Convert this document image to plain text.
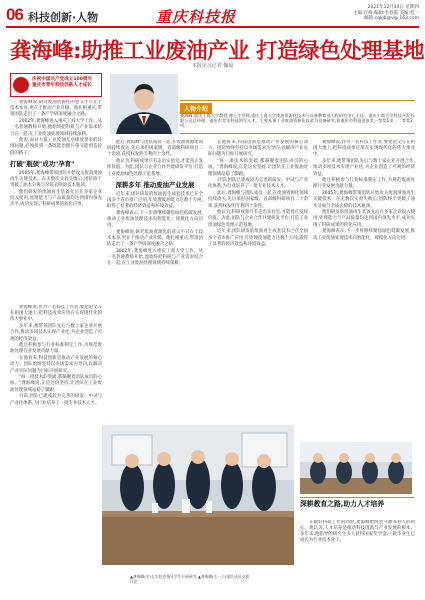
06 科技创新·人物	重庆科技报
2021年12月14日 星期四
主编:汪崎 编辑:李春霞 美编:程一
邮箱:cqkjb@vip.163.com
龚海峰:助推工业废油产业 打造绿色处理基地
本报见习记者 魏晨
庆祝中国共产党成立100周年
重庆市青年科技创新人才成长

龚海峰说,研究废油资源化的意义不只在于技术本身,更在于推动产业升级。他扎根重庆,带领团队走出了一条产学研深度融合之路。

2002年,龚海峰进入重庆工商大学工作。从一名普通教师开始,他始终把科研与产业需求结合在一起,在工业废油处理领域持续深耕。

他说,面对大量工业废油无序排放带来的环境问题,必须找到一条既能治理污染又能创造价值的路子。

打破"瓶颈"成功"孕育"

2005年,龚海峰带领团队开始攻关废润滑油再生关键技术。在无数次实验失败后,团队终于突破了油水分离与杂质去除的技术瓶颈。

他们研发的废油再生装备先后在多家企业投入使用,处理能力与产品质量均达到国内领先水平,成功实现了科研成果的转化应用。

龚海峰说,作为一名科技工作者,要把论文写在祖国大地上,把科技成果应用在实现现代化的伟大事业中。

多年来,他带领团队先后与数十家企业开展合作,推动多项技术实现产业化,为企业创造了可观的经济效益。

他还积极参与行业标准制定工作,为规范废油处理行业发展贡献力量。

在他看来,科技创新是推动产业发展的核心动力。团队始终坚持以市场需求为导向,以解决产业实际问题为目标开展研究。

"每一项技术的突破,都凝聚着团队成员的心血。"龚海峰说,正是这份坚持,让团队在工业废油处理领域站稳了脚跟。

目前,团队已建成较为完善的研发、中试与产业化体系,为行业培养了一批专业技术人才。

人物介绍
龚海峰,重庆工商大学教授,博士生导师,重庆工商大学废油资源化技术与设备教育部工程研究中心主任、重庆工商大学科技开发有限公司总经理。重庆市青年科技领军人才。主要从事工业废油资源化技术与设备研究,获重庆市科技进步奖一等奖1项、二等奖2项。

此后,龚海峰与团队成员一起,在废油资源化领域持续攻关,先后承担国家级、省部级科研项目二十余项,获授权发明专利四十余件。

他认为,科研成果只有走出实验室,才能真正发挥价值。为此,团队与企业合作共建研发平台,打造工业废油绿色处理示范基地。

深耕多年 推动废油产业发展

近年来,团队研发的废油再生成套技术已在全国多个省市推广应用,年处理废油能力达数十万吨,取得了显著的经济效益和环境效益。

龚海峰表示,下一步将继续聚焦绿色低碳发展,推动工业废油处理技术向智能化、规模化方向迈进。

龚海峰说,研究废油资源化的意义不只在于技术本身,更在于推动产业升级。他扎根重庆,带领团队走出了一条产学研深度融合之路。

2002年,龚海峰进入重庆工商大学工作。从一名普通教师开始,他始终把科研与产业需求结合在一起,在工业废油处理领域持续深耕。

在他看来,科技创新是推动产业发展的核心动力。团队始终坚持以市场需求为导向,以解决产业实际问题为目标开展研究。

"每一项技术的突破,都凝聚着团队成员的心血。"龚海峰说,正是这份坚持,让团队在工业废油处理领域站稳了脚跟。

目前,团队已建成较为完善的研发、中试与产业化体系,为行业培养了一批专业技术人才。

此后,龚海峰与团队成员一起,在废油资源化领域持续攻关,先后承担国家级、省部级科研项目二十余项,获授权发明专利四十余件。

他认为,科研成果只有走出实验室,才能真正发挥价值。为此,团队与企业合作共建研发平台,打造工业废油绿色处理示范基地。

近年来,团队研发的废油再生成套技术已在全国多个省市推广应用,年处理废油能力达数十万吨,取得了显著的经济效益和环境效益。

龚海峰说,作为一名科技工作者,要把论文写在祖国大地上,把科技成果应用在实现现代化的伟大事业中。

多年来,他带领团队先后与数十家企业开展合作,推动多项技术实现产业化,为企业创造了可观的经济效益。

他还积极参与行业标准制定工作,为规范废油处理行业发展贡献力量。

2005年,龚海峰带领团队开始攻关废润滑油再生关键技术。在无数次实验失败后,团队终于突破了油水分离与杂质去除的技术瓶颈。

他们研发的废油再生装备先后在多家企业投入使用,处理能力与产品质量均达到国内领先水平,成功实现了科研成果的转化应用。

龚海峰表示,下一步将继续聚焦绿色低碳发展,推动工业废油处理技术向智能化、规模化方向迈进。

▲龚海峰(中)在实验室指导学生开展研究 ▲龚海峰(左一)与团队成员交流讨论
深耕教育之路,助力人才培养

在做好科研工作的同时,龚海峰始终坚守教书育人的初心。他认为,人才培养是推动科技创新与产业发展的根本。多年来,他指导的研究生多人获得国家奖学金,一批毕业生已成长为行业技术骨干。
